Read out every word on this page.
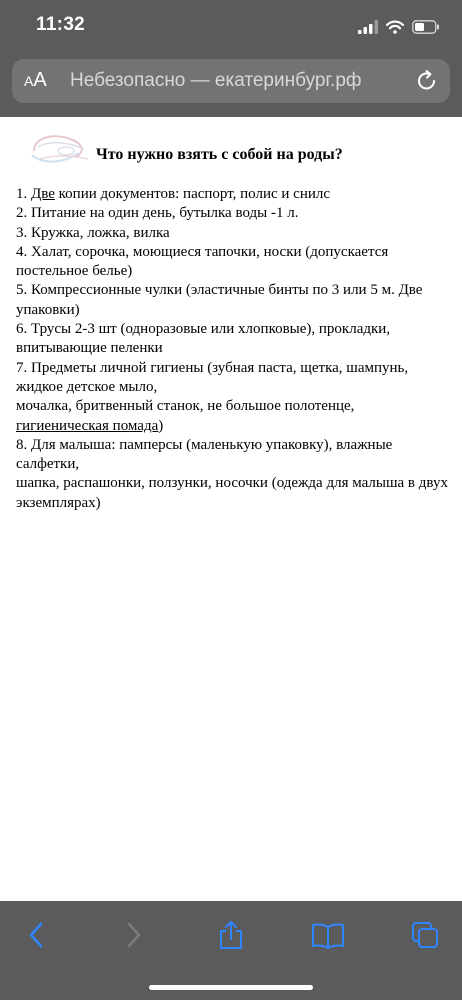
11:32
A A Небезопасно — екатеринбург.рф
Что нужно взять с собой на роды?

1. Две копии документов: паспорт, полис и снилс

2. Питание на один день, бутылка воды -1 л.

3. Кружка, ложка, вилка

4. Халат, сорочка, моющиеся тапочки, носки (допускается постельное белье)

5. Компрессионные чулки (эластичные бинты по 3 или 5 м. Две упаковки)

6. Трусы 2-3 шт (одноразовые или хлопковые), прокладки, впитывающие пеленки

7. Предметы личной гигиены (зубная паста, щетка, шампунь, жидкое детское мыло,

мочалка, бритвенный станок, не большое полотенце,

гигиеническая помада)

8. Для малыша: памперсы (маленькую упаковку), влажные салфетки,

шапка, распашонки, ползунки, носочки (одежда для малыша в двух экземплярах)
